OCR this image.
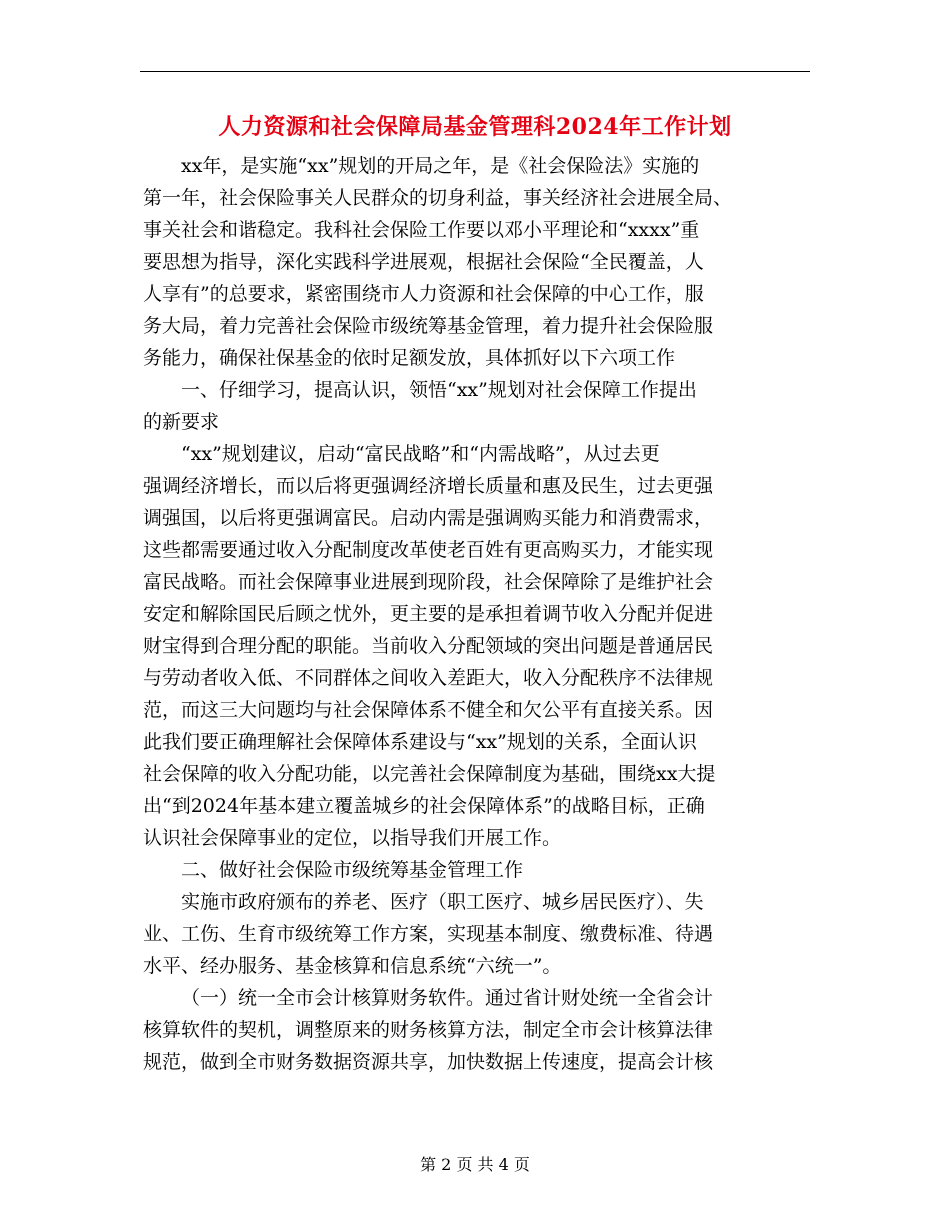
人力资源和社会保障局基金管理科2024年工作计划

xx年，是实施“xx”规划的开局之年，是《社会保险法》实施的
第一年，社会保险事关人民群众的切身利益，事关经济社会进展全局、
事关社会和谐稳定。我科社会保险工作要以邓小平理论和“xxxx”重
要思想为指导，深化实践科学进展观，根据社会保险“全民覆盖，人
人享有”的总要求，紧密围绕市人力资源和社会保障的中心工作，服
务大局，着力完善社会保险市级统筹基金管理，着力提升社会保险服
务能力，确保社保基金的依时足额发放，具体抓好以下六项工作

一、仔细学习，提高认识，领悟“xx”规划对社会保障工作提出
的新要求

“xx”规划建议，启动“富民战略”和“内需战略”，从过去更
强调经济增长，而以后将更强调经济增长质量和惠及民生，过去更强
调强国，以后将更强调富民。启动内需是强调购买能力和消费需求，
这些都需要通过收入分配制度改革使老百姓有更高购买力，才能实现
富民战略。而社会保障事业进展到现阶段，社会保障除了是维护社会
安定和解除国民后顾之忧外，更主要的是承担着调节收入分配并促进
财宝得到合理分配的职能。当前收入分配领域的突出问题是普通居民
与劳动者收入低、不同群体之间收入差距大，收入分配秩序不法律规
范，而这三大问题均与社会保障体系不健全和欠公平有直接关系。因
此我们要正确理解社会保障体系建设与“xx”规划的关系，全面认识
社会保障的收入分配功能，以完善社会保障制度为基础，围绕xx大提
出“到2024年基本建立覆盖城乡的社会保障体系”的战略目标，正确
认识社会保障事业的定位，以指导我们开展工作。

二、做好社会保险市级统筹基金管理工作

实施市政府颁布的养老、医疗（职工医疗、城乡居民医疗）、失
业、工伤、生育市级统筹工作方案，实现基本制度、缴费标准、待遇
水平、经办服务、基金核算和信息系统“六统一”。

（一）统一全市会计核算财务软件。通过省计财处统一全省会计
核算软件的契机，调整原来的财务核算方法，制定全市会计核算法律
规范，做到全市财务数据资源共享，加快数据上传速度，提高会计核

第 2 页 共 4 页
